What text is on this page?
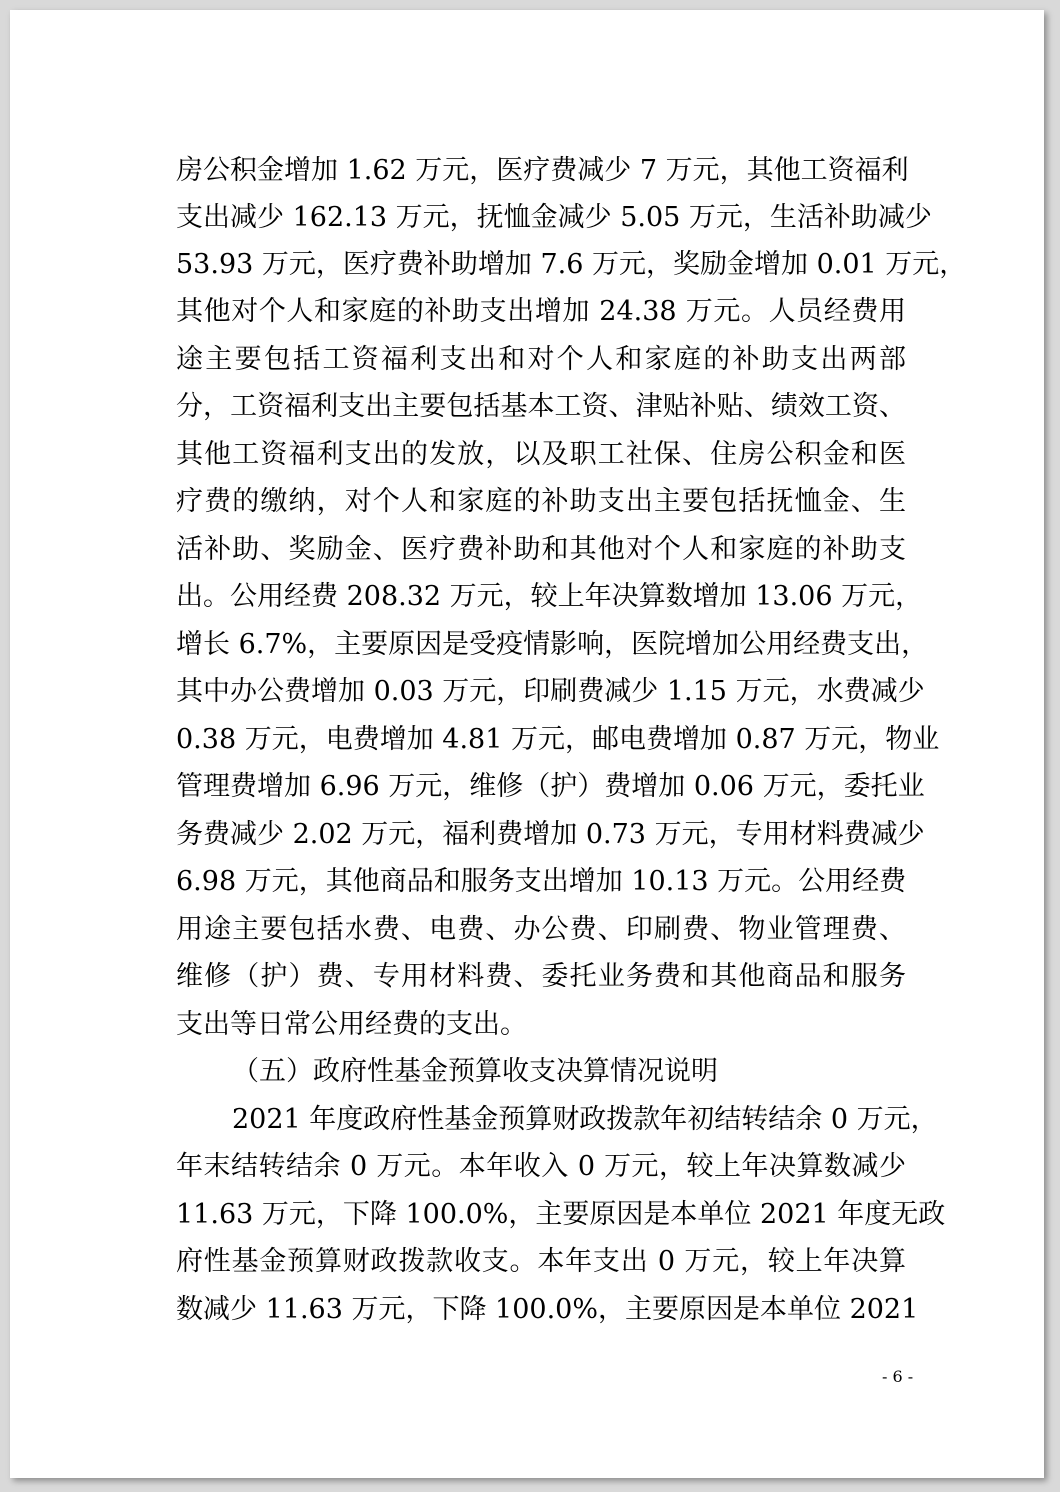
房公积金增加 1.62 万元，医疗费减少 7 万元，其他工资福利
支出减少 162.13 万元，抚恤金减少 5.05 万元，生活补助减少
53.93 万元，医疗费补助增加 7.6 万元，奖励金增加 0.01 万元，
其他对个人和家庭的补助支出增加 24.38 万元。人员经费用
途主要包括工资福利支出和对个人和家庭的补助支出两部
分，工资福利支出主要包括基本工资、津贴补贴、绩效工资、
其他工资福利支出的发放，以及职工社保、住房公积金和医
疗费的缴纳，对个人和家庭的补助支出主要包括抚恤金、生
活补助、奖励金、医疗费补助和其他对个人和家庭的补助支
出。公用经费 208.32 万元，较上年决算数增加 13.06 万元，
增长 6.7%，主要原因是受疫情影响，医院增加公用经费支出，
其中办公费增加 0.03 万元，印刷费减少 1.15 万元，水费减少
0.38 万元，电费增加 4.81 万元，邮电费增加 0.87 万元，物业
管理费增加 6.96 万元，维修（护）费增加 0.06 万元，委托业
务费减少 2.02 万元，福利费增加 0.73 万元，专用材料费减少
6.98 万元，其他商品和服务支出增加 10.13 万元。公用经费
用途主要包括水费、电费、办公费、印刷费、物业管理费、
维修（护）费、专用材料费、委托业务费和其他商品和服务
支出等日常公用经费的支出。
（五）政府性基金预算收支决算情况说明
2021 年度政府性基金预算财政拨款年初结转结余 0 万元，
年末结转结余 0 万元。本年收入 0 万元，较上年决算数减少
11.63 万元，下降 100.0%，主要原因是本单位 2021 年度无政
府性基金预算财政拨款收支。本年支出 0 万元，较上年决算
数减少 11.63 万元，下降 100.0%，主要原因是本单位 2021
- 6 -
